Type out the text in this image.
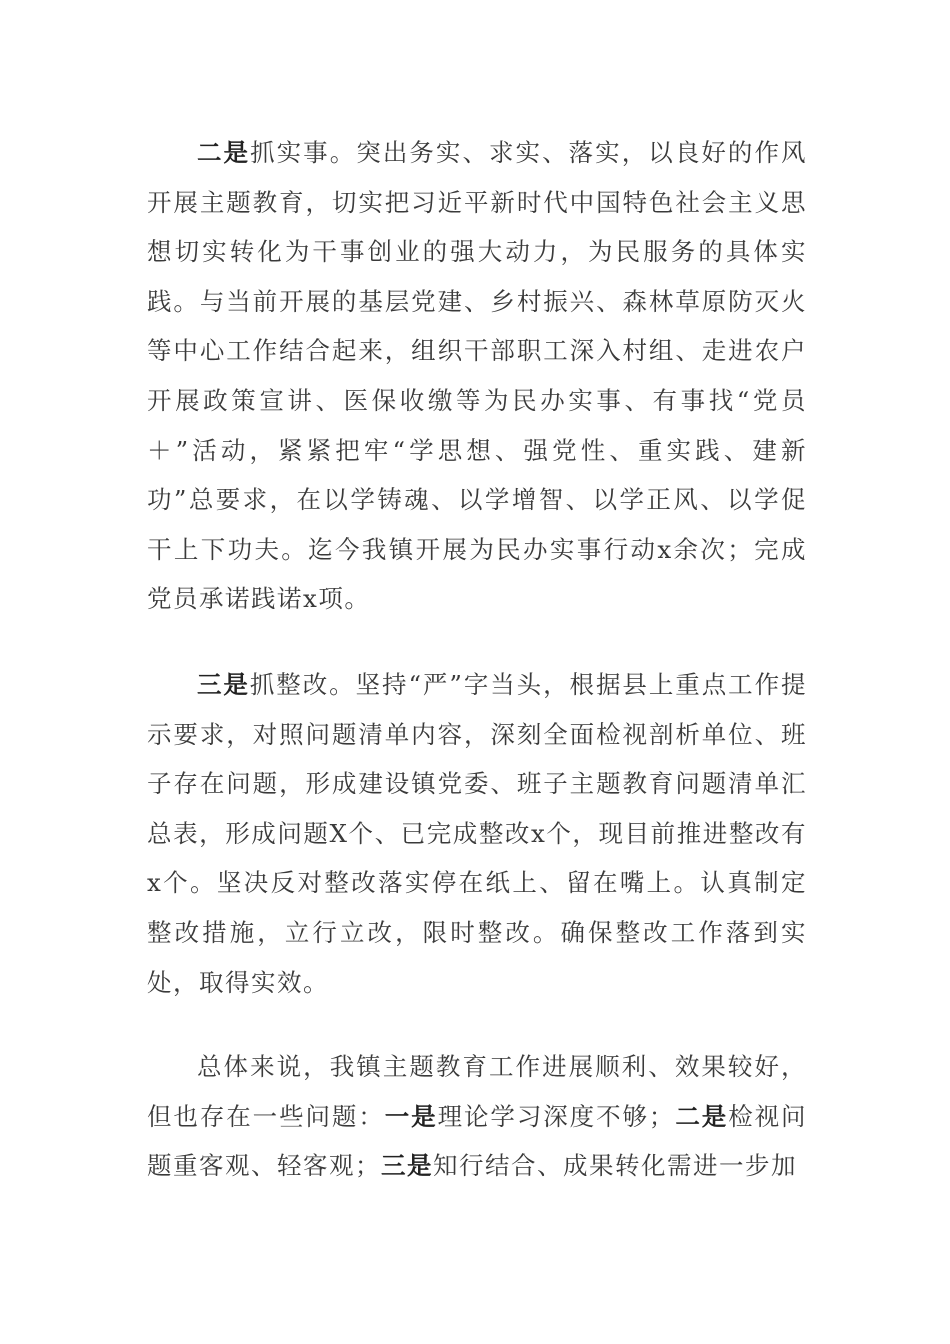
二是抓实事。突出务实、求实、落实，以良好的作风开展主题教育，切实把习近平新时代中国特色社会主义思想切实转化为干事创业的强大动力，为民服务的具体实践。与当前开展的基层党建、乡村振兴、森林草原防灭火等中心工作结合起来，组织干部职工深入村组、走进农户开展政策宣讲、医保收缴等为民办实事、有事找“党员＋”活动，紧紧把牢“学思想、强党性、重实践、建新功”总要求，在以学铸魂、以学增智、以学正风、以学促干上下功夫。迄今我镇开展为民办实事行动x余次；完成党员承诺践诺x项。

三是抓整改。坚持“严”字当头，根据县上重点工作提示要求，对照问题清单内容，深刻全面检视剖析单位、班子存在问题，形成建设镇党委、班子主题教育问题清单汇总表，形成问题X个、已完成整改x个，现目前推进整改有x个。坚决反对整改落实停在纸上、留在嘴上。认真制定整改措施，立行立改，限时整改。确保整改工作落到实处，取得实效。

总体来说，我镇主题教育工作进展顺利、效果较好，但也存在一些问题：一是理论学习深度不够；二是检视问题重客观、轻客观；三是知行结合、成果转化需进一步加
